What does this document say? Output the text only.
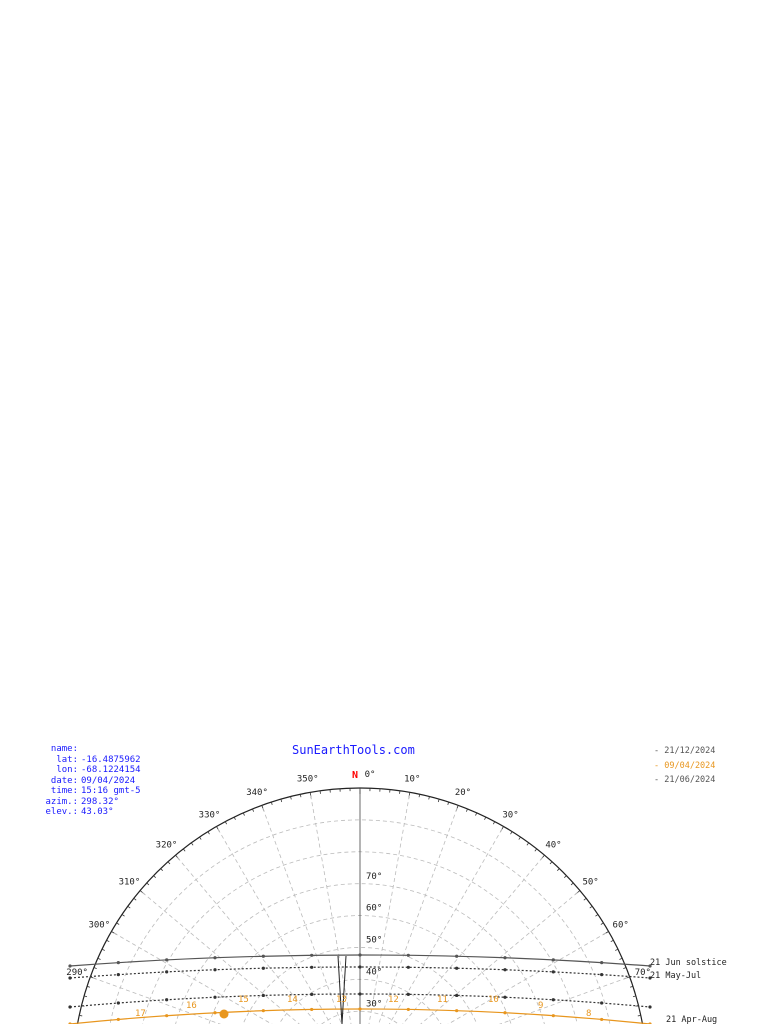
0°	10°
20°
30°
40°
50°
60°
70°
290°
300°
310°
320°
330°
340°
350°	N
30°
40°
50°
60°
70°
17
16
15	14	13	12	11	10
9
8
21 Jun solstice
21 May-Jul
21 Apr-Aug
SunEarthTools.com
name:
lat: -16.4875962
lon: -68.1224154
date: 09/04/2024
time: 15:16 gmt-5
azim.: 298.32°
elev.: 43.03°
- 21/12/2024
- 09/04/2024
- 21/06/2024
